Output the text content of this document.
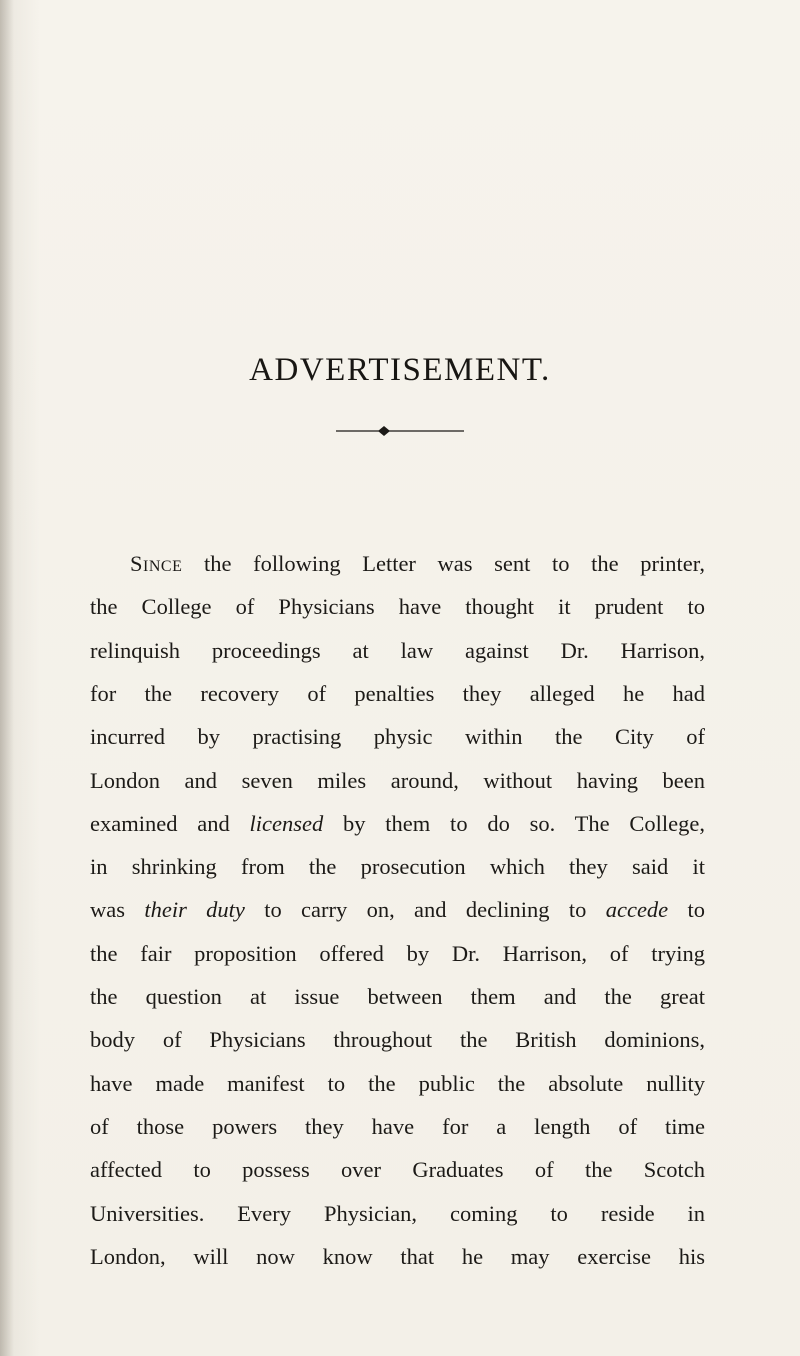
ADVERTISEMENT.
Since the following Letter was sent to the printer,
the College of Physicians have thought it prudent to
relinquish proceedings at law against Dr. Harrison,
for the recovery of penalties they alleged he had
incurred by practising physic within the City of
London and seven miles around, without having been
examined and licensed by them to do so. The College,
in shrinking from the prosecution which they said it
was their duty to carry on, and declining to accede to
the fair proposition offered by Dr. Harrison, of trying
the question at issue between them and the great
body of Physicians throughout the British dominions,
have made manifest to the public the absolute nullity
of those powers they have for a length of time
affected to possess over Graduates of the Scotch
Universities. Every Physician, coming to reside in
London, will now know that he may exercise his
